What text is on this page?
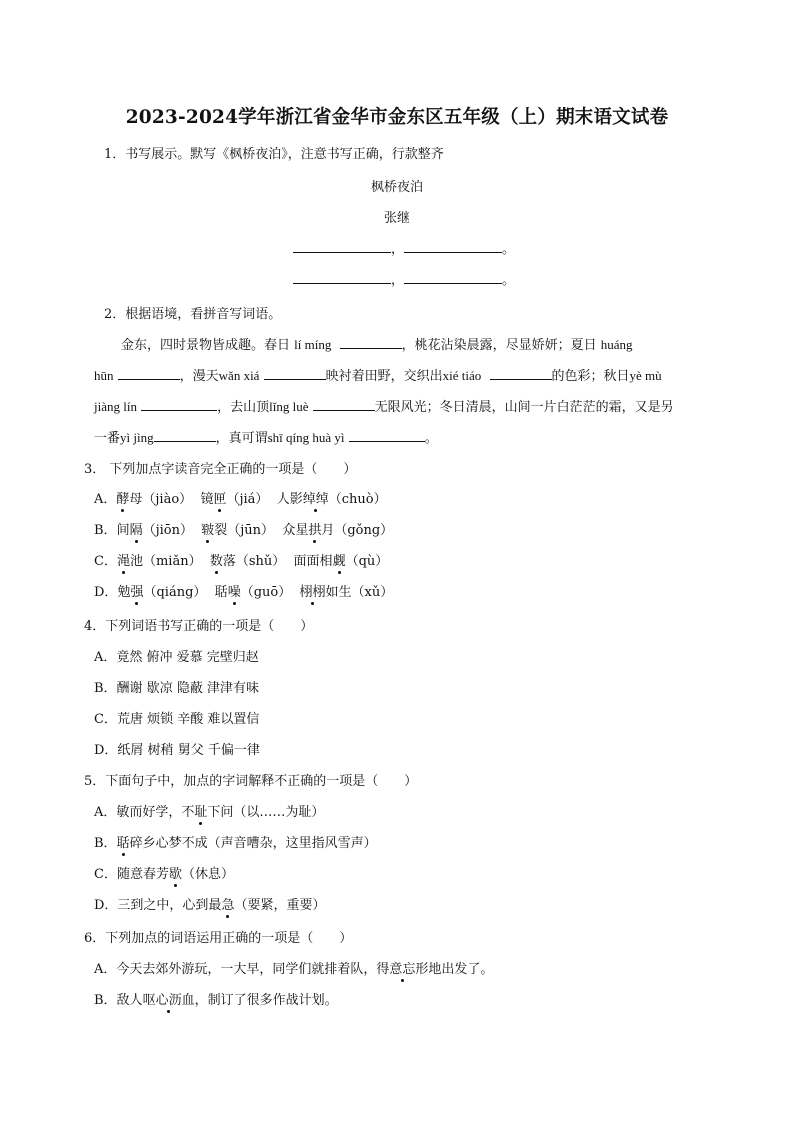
2023-2024学年浙江省金华市金东区五年级（上）期末语文试卷
1．书写展示。默写《枫桥夜泊》，注意书写正确，行款整齐
枫桥夜泊
张继
，	。
，	。
2．根据语境，看拼音写词语。
金东，四时景物皆成趣。春日 lí míng	，桃花沾染晨露，尽显娇妍；夏日 huáng
hūn	，漫天wǎn xiá	映衬着田野，交织出xié tiáo	的色彩；秋日yè mù
jiàng lín	，去山顶lǐng luè	无限风光；冬日清晨，山间一片白茫茫的霜，又是另
一番yì jìng	，真可谓shī qíng huà yì	。
3． 下列加点字读音完全正确的一项是（　　）
A．酵母（jiào） 镜匣（jiá） 人影绰绰（chuò）
B．间隔（jiōn） 皲裂（jūn） 众星拱月（gǒng）
C．渑池（miǎn） 数落（shǔ） 面面相觑（qù）
D．勉强（qiáng） 聒噪（guō） 栩栩如生（xǔ）
4．下列词语书写正确的一项是（　　）
A．竟然 俯冲 爱慕 完壁归赵
B．酬谢 歇凉 隐蔽 津津有味
C．荒唐 烦锁 辛酸 难以置信
D．纸屑 树稍 舅父 千偏一律
5．下面句子中，加点的字词解释不正确的一项是（　　）
A．敏而好学，不耻下问（以……为耻）
B．聒碎乡心梦不成（声音嘈杂，这里指风雪声）
C．随意春芳歇（休息）
D．三到之中，心到最急（要紧，重要）
6．下列加点的词语运用正确的一项是（　　）
A．今天去郊外游玩，一大早，同学们就排着队，得意忘形地出发了。
B．敌人呕心沥血，制订了很多作战计划。
